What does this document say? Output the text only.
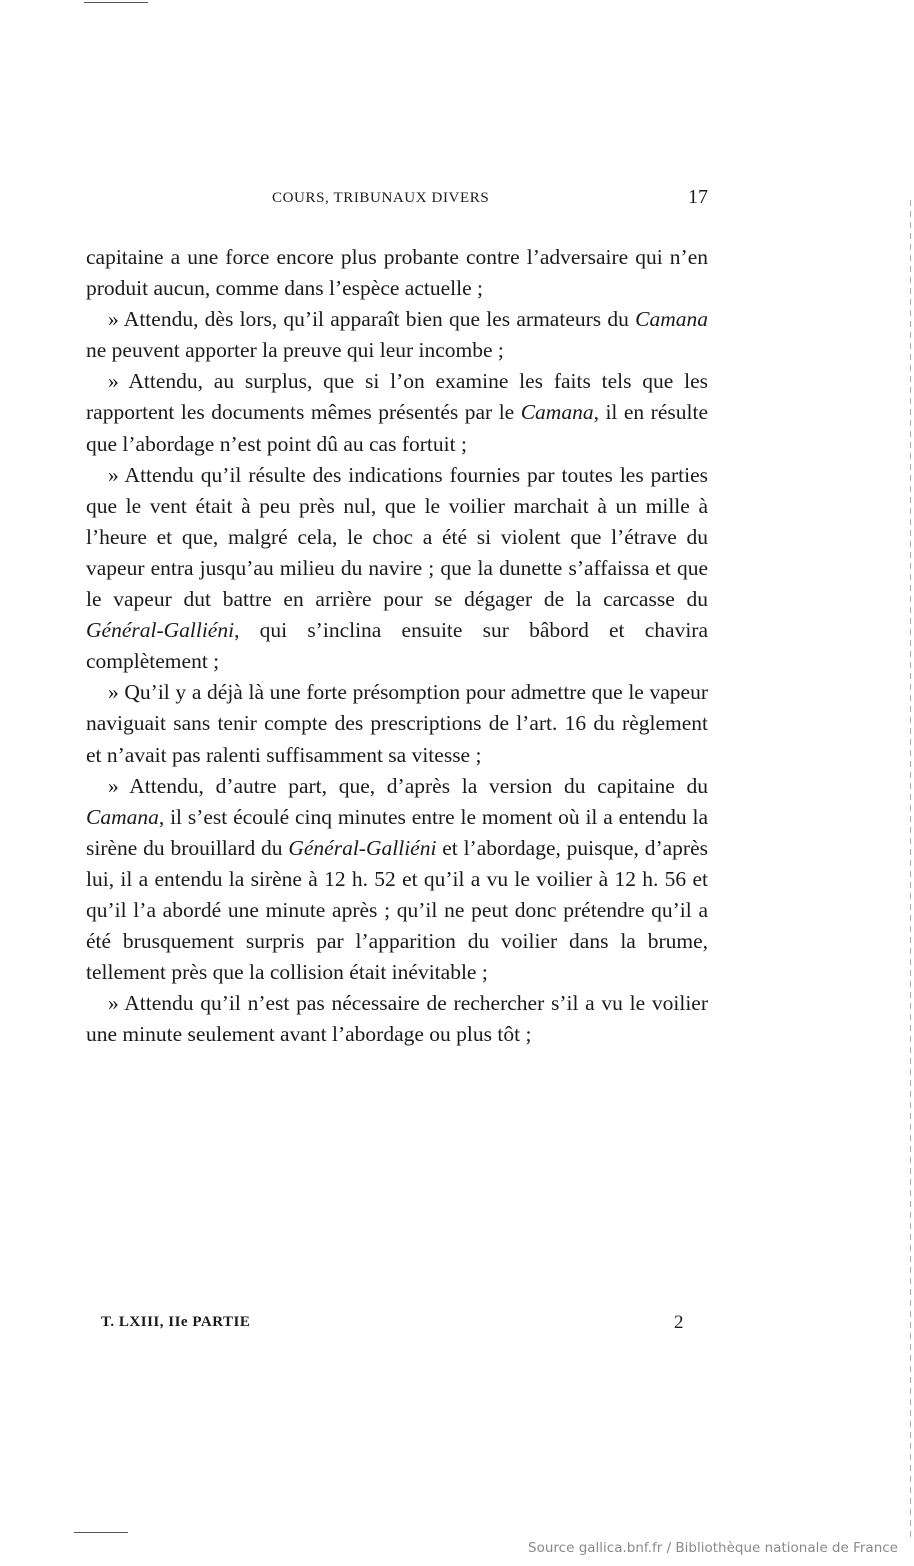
COURS, TRIBUNAUX DIVERS	17

capitaine a une force encore plus probante contre l’adversaire qui n’en produit aucun, comme dans l’espèce actuelle ;

» Attendu, dès lors, qu’il apparaît bien que les armateurs du Camana ne peuvent apporter la preuve qui leur incombe ;

» Attendu, au surplus, que si l’on examine les faits tels que les rapportent les documents mêmes présentés par le Camana, il en résulte que l’abordage n’est point dû au cas fortuit ;

» Attendu qu’il résulte des indications fournies par toutes les parties que le vent était à peu près nul, que le voilier marchait à un mille à l’heure et que, malgré cela, le choc a été si violent que l’étrave du vapeur entra jusqu’au milieu du navire ; que la dunette s’affaissa et que le vapeur dut battre en arrière pour se dégager de la carcasse du Général-Galliéni, qui s’inclina ensuite sur bâbord et chavira complètement ;

» Qu’il y a déjà là une forte présomption pour admettre que le vapeur naviguait sans tenir compte des prescriptions de l’art. 16 du règlement et n’avait pas ralenti suffisamment sa vitesse ;

» Attendu, d’autre part, que, d’après la version du capitaine du Camana, il s’est écoulé cinq minutes entre le moment où il a entendu la sirène du brouillard du Général-Galliéni et l’abordage, puisque, d’après lui, il a entendu la sirène à 12 h. 52 et qu’il a vu le voilier à 12 h. 56 et qu’il l’a abordé une minute après ; qu’il ne peut donc prétendre qu’il a été brusquement surpris par l’apparition du voilier dans la brume, tellement près que la collision était inévitable ;

» Attendu qu’il n’est pas nécessaire de rechercher s’il a vu le voilier une minute seulement avant l’abordage ou plus tôt ;

T. LXIII, IIe PARTIE	2
Source gallica.bnf.fr / Bibliothèque nationale de France
